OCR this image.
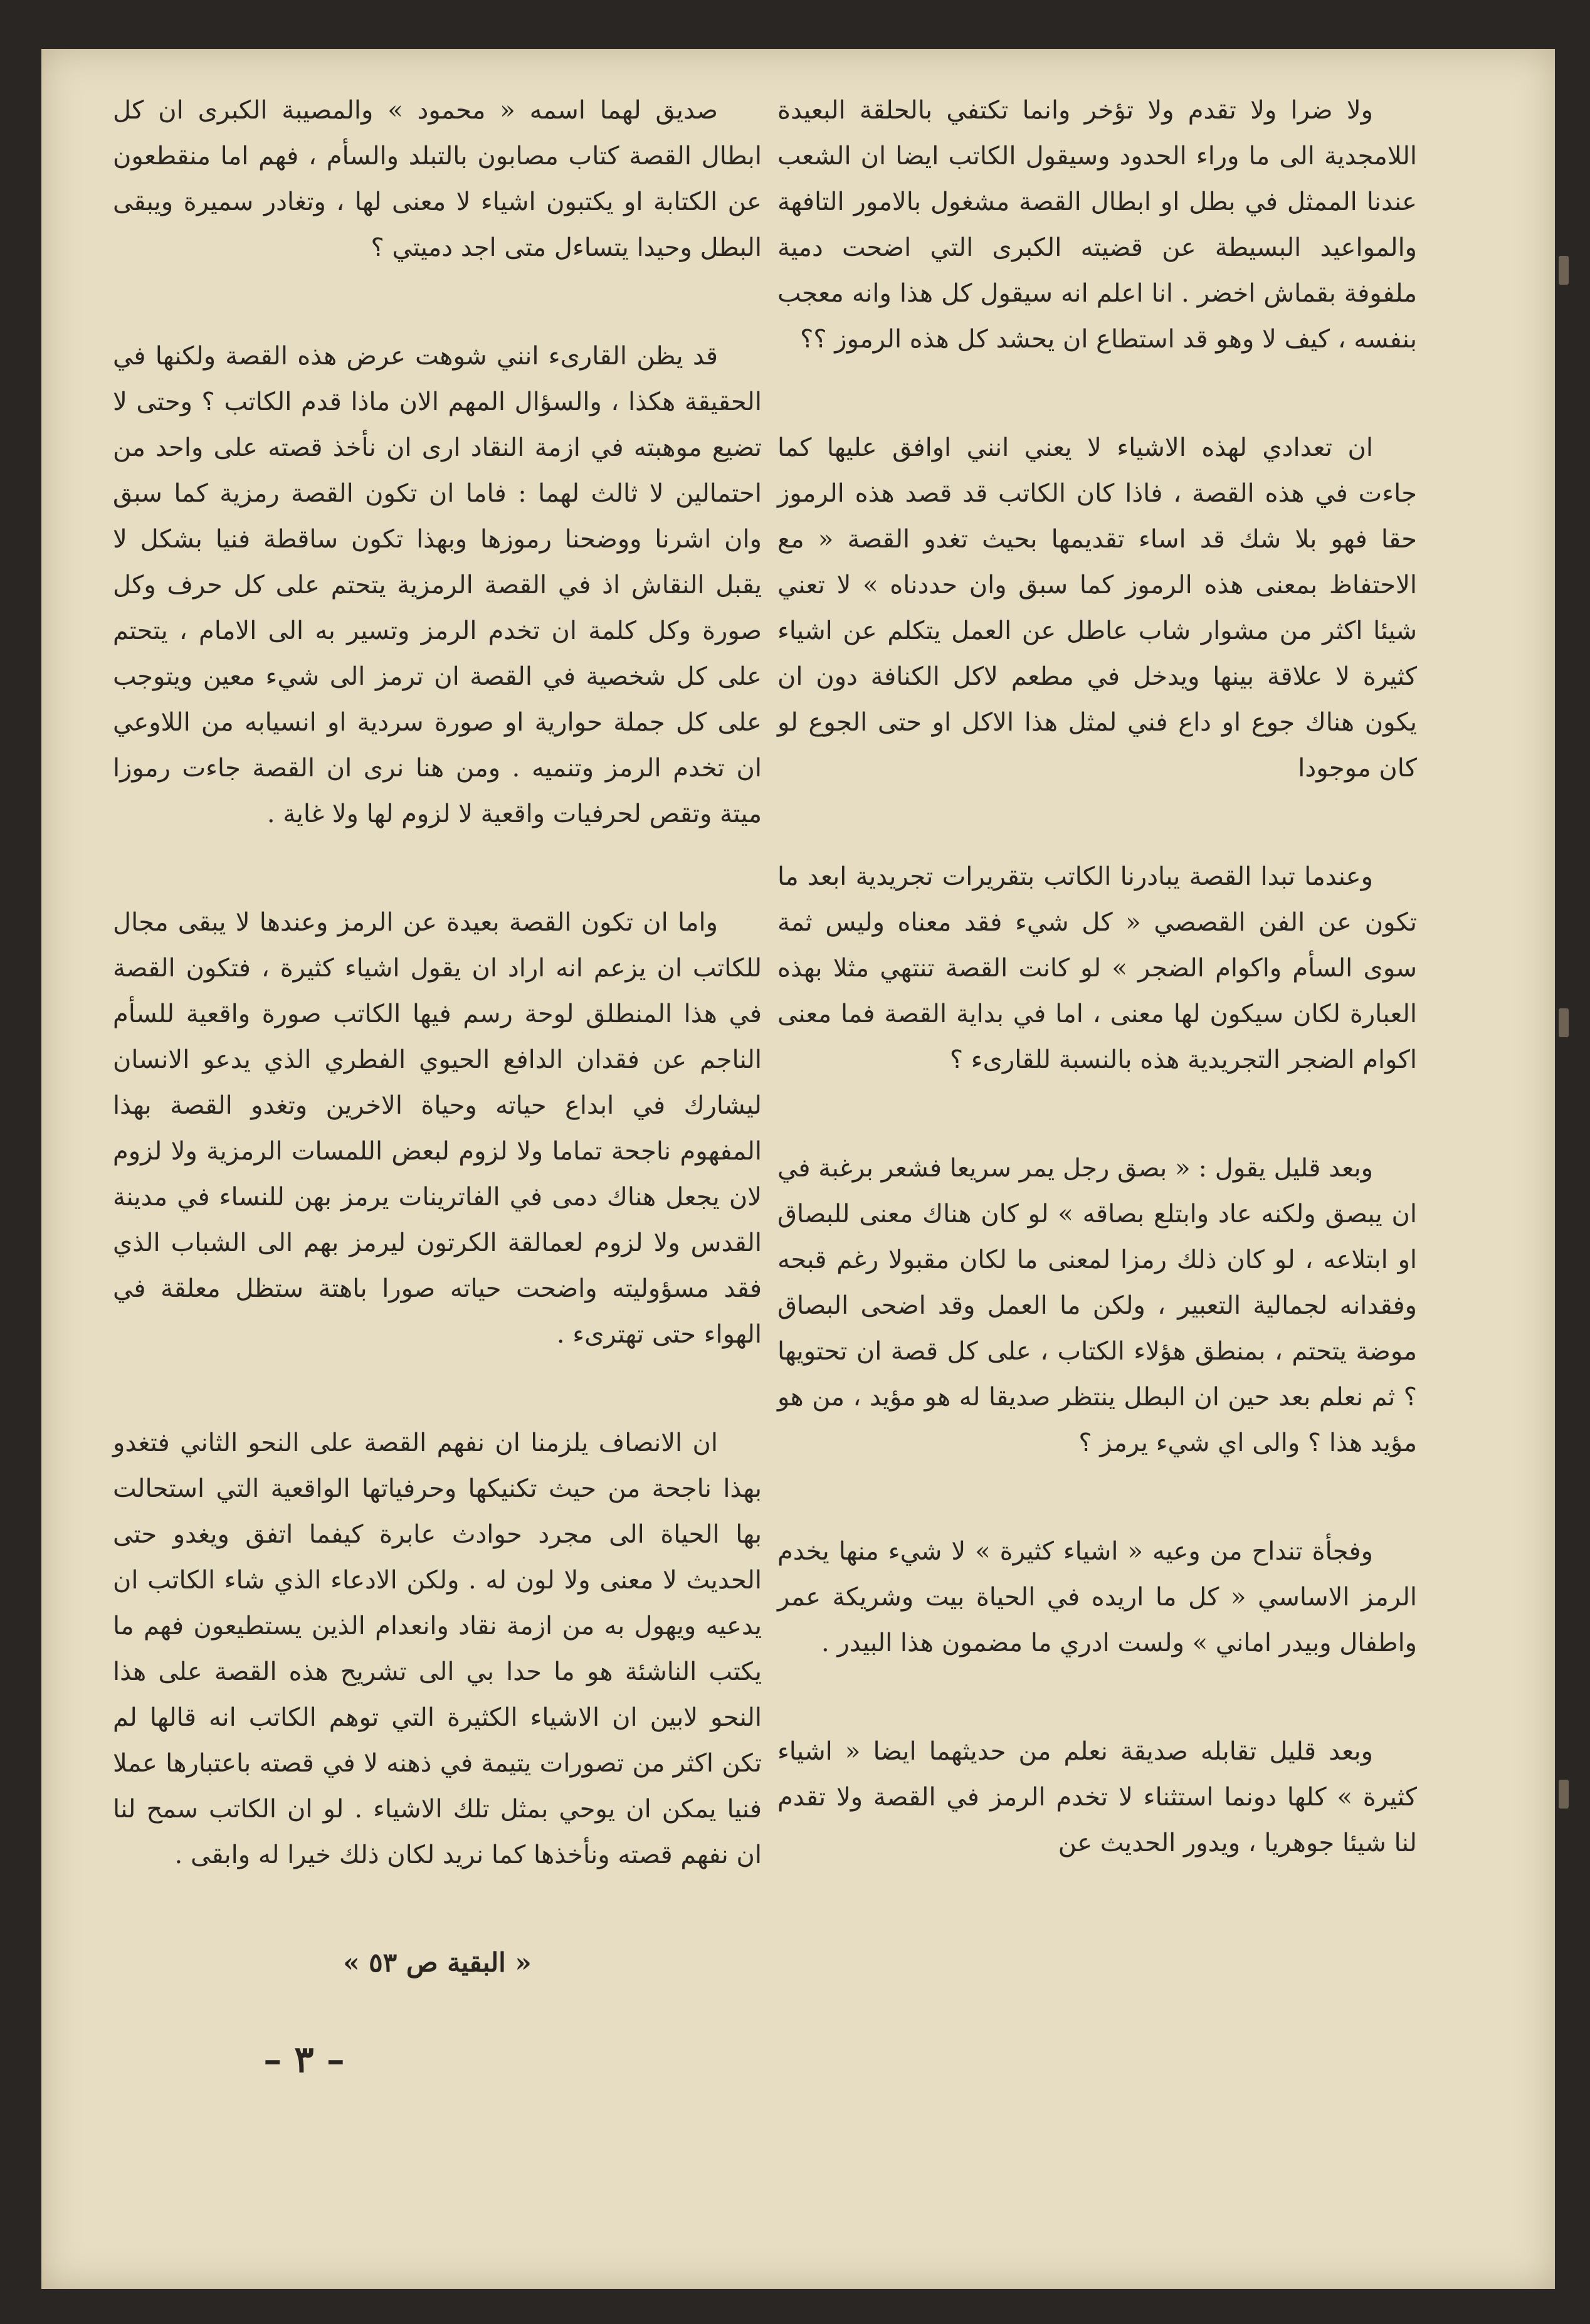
ولا ضرا ولا تقدم ولا تؤخر وانما تكتفي بالحلقة البعيدة اللامجدية الى ما وراء الحدود وسيقول الكاتب ايضا ان الشعب عندنا الممثل في بطل او ابطال القصة مشغول بالامور التافهة والمواعيد البسيطة عن قضيته الكبرى التي اضحت دمية ملفوفة بقماش اخضر . انا اعلم انه سيقول كل هذا وانه معجب بنفسه ، كيف لا وهو قد استطاع ان يحشد كل هذه الرموز ؟؟

ان تعدادي لهذه الاشياء لا يعني انني اوافق عليها كما جاءت في هذه القصة ، فاذا كان الكاتب قد قصد هذه الرموز حقا فهو بلا شك قد اساء تقديمها بحيث تغدو القصة « مع الاحتفاظ بمعنى هذه الرموز كما سبق وان حددناه » لا تعني شيئا اكثر من مشوار شاب عاطل عن العمل يتكلم عن اشياء كثيرة لا علاقة بينها ويدخل في مطعم لاكل الكنافة دون ان يكون هناك جوع او داع فني لمثل هذا الاكل او حتى الجوع لو كان موجودا

وعندما تبدا القصة يبادرنا الكاتب بتقريرات تجريدية ابعد ما تكون عن الفن القصصي « كل شيء فقد معناه وليس ثمة سوى السأم واكوام الضجر » لو كانت القصة تنتهي مثلا بهذه العبارة لكان سيكون لها معنى ، اما في بداية القصة فما معنى اكوام الضجر التجريدية هذه بالنسبة للقارىء ؟

وبعد قليل يقول : « بصق رجل يمر سريعا فشعر برغبة في ان يبصق ولكنه عاد وابتلع بصاقه » لو كان هناك معنى للبصاق او ابتلاعه ، لو كان ذلك رمزا لمعنى ما لكان مقبولا رغم قبحه وفقدانه لجمالية التعبير ، ولكن ما العمل وقد اضحى البصاق موضة يتحتم ، بمنطق هؤلاء الكتاب ، على كل قصة ان تحتويها ؟ ثم نعلم بعد حين ان البطل ينتظر صديقا له هو مؤيد ، من هو مؤيد هذا ؟ والى اي شيء يرمز ؟

وفجأة تنداح من وعيه « اشياء كثيرة » لا شيء منها يخدم الرمز الاساسي « كل ما اريده في الحياة بيت وشريكة عمر واطفال وبيدر اماني » ولست ادري ما مضمون هذا البيدر .

وبعد قليل تقابله صديقة نعلم من حديثهما ايضا « اشياء كثيرة » كلها دونما استثناء لا تخدم الرمز في القصة ولا تقدم لنا شيئا جوهريا ، ويدور الحديث عن

صديق لهما اسمه « محمود » والمصيبة الكبرى ان كل ابطال القصة كتاب مصابون بالتبلد والسأم ، فهم اما منقطعون عن الكتابة او يكتبون اشياء لا معنى لها ، وتغادر سميرة ويبقى البطل وحيدا يتساءل متى اجد دميتي ؟

قد يظن القارىء انني شوهت عرض هذه القصة ولكنها في الحقيقة هكذا ، والسؤال المهم الان ماذا قدم الكاتب ؟ وحتى لا تضيع موهبته في ازمة النقاد ارى ان نأخذ قصته على واحد من احتمالين لا ثالث لهما : فاما ان تكون القصة رمزية كما سبق وان اشرنا ووضحنا رموزها وبهذا تكون ساقطة فنيا بشكل لا يقبل النقاش اذ في القصة الرمزية يتحتم على كل حرف وكل صورة وكل كلمة ان تخدم الرمز وتسير به الى الامام ، يتحتم على كل شخصية في القصة ان ترمز الى شيء معين ويتوجب على كل جملة حوارية او صورة سردية او انسيابه من اللاوعي ان تخدم الرمز وتنميه . ومن هنا نرى ان القصة جاءت رموزا ميتة وتقص لحرفيات واقعية لا لزوم لها ولا غاية .

واما ان تكون القصة بعيدة عن الرمز وعندها لا يبقى مجال للكاتب ان يزعم انه اراد ان يقول اشياء كثيرة ، فتكون القصة في هذا المنطلق لوحة رسم فيها الكاتب صورة واقعية للسأم الناجم عن فقدان الدافع الحيوي الفطري الذي يدعو الانسان ليشارك في ابداع حياته وحياة الاخرين وتغدو القصة بهذا المفهوم ناجحة تماما ولا لزوم لبعض اللمسات الرمزية ولا لزوم لان يجعل هناك دمى في الفاترينات يرمز بهن للنساء في مدينة القدس ولا لزوم لعمالقة الكرتون ليرمز بهم الى الشباب الذي فقد مسؤوليته واضحت حياته صورا باهتة ستظل معلقة في الهواء حتى تهترىء .

ان الانصاف يلزمنا ان نفهم القصة على النحو الثاني فتغدو بهذا ناجحة من حيث تكنيكها وحرفياتها الواقعية التي استحالت بها الحياة الى مجرد حوادث عابرة كيفما اتفق ويغدو حتى الحديث لا معنى ولا لون له . ولكن الادعاء الذي شاء الكاتب ان يدعيه ويهول به من ازمة نقاد وانعدام الذين يستطيعون فهم ما يكتب الناشئة هو ما حدا بي الى تشريح هذه القصة على هذا النحو لابين ان الاشياء الكثيرة التي توهم الكاتب انه قالها لم تكن اكثر من تصورات يتيمة في ذهنه لا في قصته باعتبارها عملا فنيا يمكن ان يوحي بمثل تلك الاشياء . لو ان الكاتب سمح لنا ان نفهم قصته ونأخذها كما نريد لكان ذلك خيرا له وابقى .

« البقية ص ٥٣ »
– ٣ –
